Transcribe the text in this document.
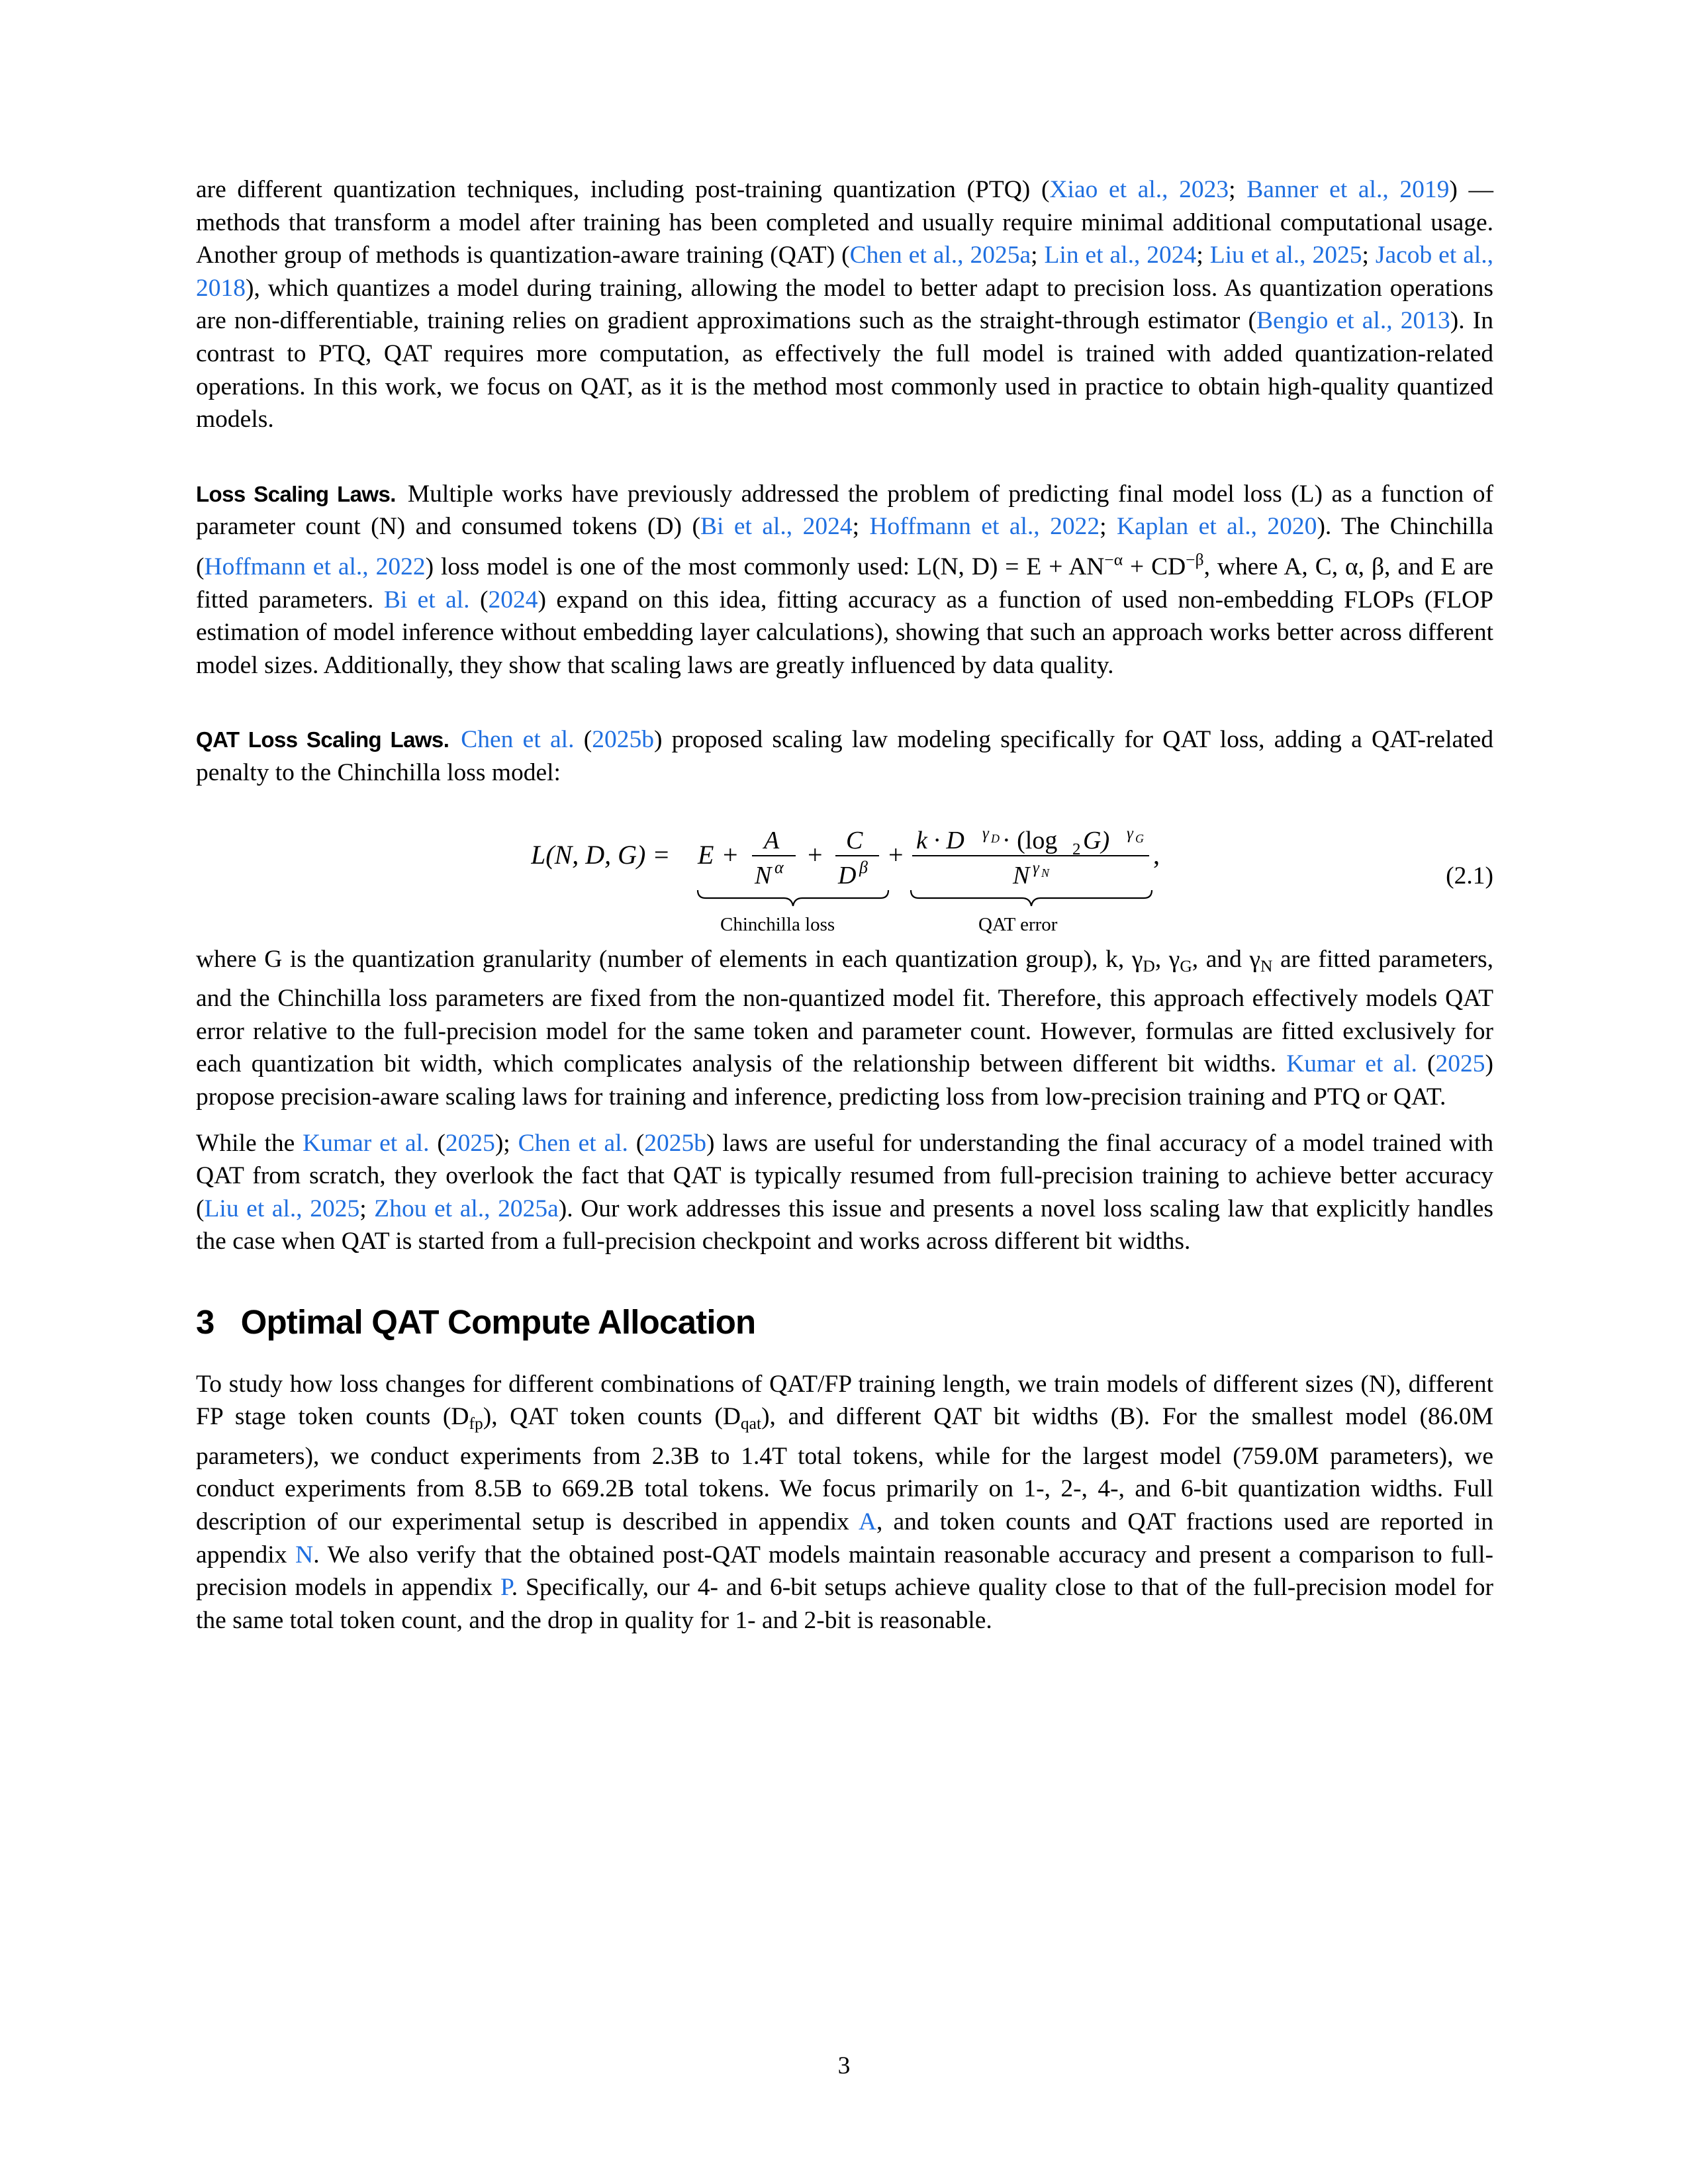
are different quantization techniques, including post-training quantization (PTQ) (Xiao et al., 2023; Banner et al., 2019) — methods that transform a model after training has been completed and usually require minimal additional computational usage. Another group of methods is quantization-aware training (QAT) (Chen et al., 2025a; Lin et al., 2024; Liu et al., 2025; Jacob et al., 2018), which quantizes a model during training, allowing the model to better adapt to precision loss. As quantization operations are non-differentiable, training relies on gradient approximations such as the straight-through estimator (Bengio et al., 2013). In contrast to PTQ, QAT requires more computation, as effectively the full model is trained with added quantization-related operations. In this work, we focus on QAT, as it is the method most commonly used in practice to obtain high-quality quantized models.

Loss Scaling Laws. Multiple works have previously addressed the problem of predicting final model loss (L) as a function of parameter count (N) and consumed tokens (D) (Bi et al., 2024; Hoffmann et al., 2022; Kaplan et al., 2020). The Chinchilla (Hoffmann et al., 2022) loss model is one of the most commonly used: L(N, $D) = E + AN^{-\alpha} + CD^{-\beta}$, where A, C, α, β, and E are fitted parameters. Bi et al. (2024) expand on this idea, fitting accuracy as a function of used non-embedding FLOPs (FLOP estimation of model inference without embedding layer calculations), showing that such an approach works better across different model sizes. Additionally, they show that scaling laws are greatly influenced by data quality.

QAT Loss Scaling Laws. Chen et al. (2025b) proposed scaling law modeling specifically for QAT loss, adding a QAT-related penalty to the Chinchilla loss model:

L(N, D, G) = E + A
N α + C
D β + k · D γ D · (log 2 G) γ G
N γ N
,
Chinchilla loss	QAT error
(2.1)

where G is the quantization granularity (number of elements in each quantization group), k, $\gamma_D$, $\gamma_G$, and $\gamma_N$ are fitted parameters, and the Chinchilla loss parameters are fixed from the non-quantized model fit. Therefore, this approach effectively models QAT error relative to the full-precision model for the same token and parameter count. However, formulas are fitted exclusively for each quantization bit width, which complicates analysis of the relationship between different bit widths. Kumar et al. (2025) propose precision-aware scaling laws for training and inference, predicting loss from low-precision training and PTQ or QAT.

While the Kumar et al. (2025); Chen et al. (2025b) laws are useful for understanding the final accuracy of a model trained with QAT from scratch, they overlook the fact that QAT is typically resumed from full-precision training to achieve better accuracy (Liu et al., 2025; Zhou et al., 2025a). Our work addresses this issue and presents a novel loss scaling law that explicitly handles the case when QAT is started from a full-precision checkpoint and works across different bit widths.

3 Optimal QAT Compute Allocation

To study how loss changes for different combinations of QAT/FP training length, we train models of different sizes (N), different FP stage token counts $(D_{fp})$, QAT token counts $(D_{qat})$, and different QAT bit widths (B). For the smallest model (86.0M parameters), we conduct experiments from 2.3B to 1.4T total tokens, while for the largest model (759.0M parameters), we conduct experiments from 8.5B to 669.2B total tokens. We focus primarily on 1-, 2-, 4-, and 6-bit quantization widths. Full description of our experimental setup is described in appendix A, and token counts and QAT fractions used are reported in appendix N. We also verify that the obtained post-QAT models maintain reasonable accuracy and present a comparison to full-precision models in appendix P. Specifically, our 4- and 6-bit setups achieve quality close to that of the full-precision model for the same total token count, and the drop in quality for 1- and 2-bit is reasonable.

3
